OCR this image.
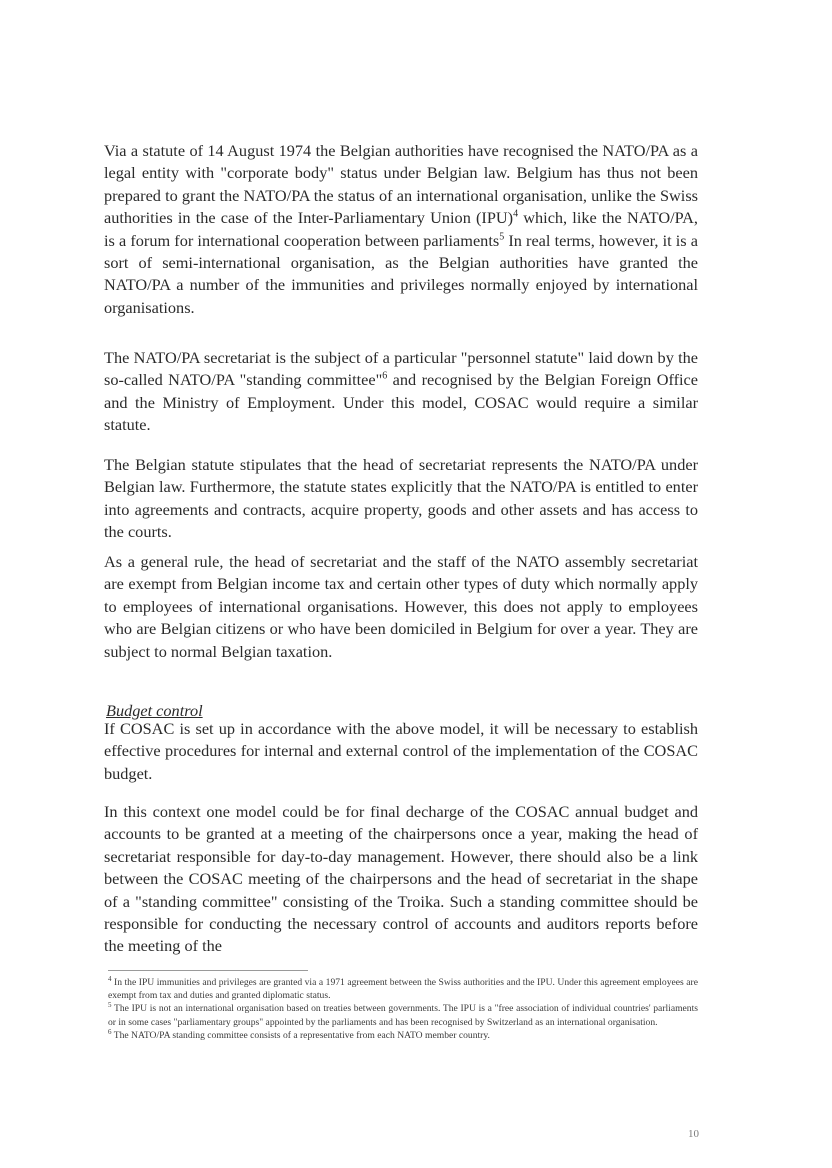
Via a statute of 14 August 1974 the Belgian authorities have recognised the NATO/PA as a legal entity with "corporate body" status under Belgian law. Belgium has thus not been prepared to grant the NATO/PA the status of an international organisation, unlike the Swiss authorities in the case of the Inter-Parliamentary Union (IPU)$^4$ which, like the NATO/PA, is a forum for international cooperation between parliaments$^5$ In real terms, however, it is a sort of semi-international organisation, as the Belgian authorities have granted the NATO/PA a number of the immunities and privileges normally enjoyed by international organisations.

The NATO/PA secretariat is the subject of a particular "personnel statute" laid down by the so-called NATO/PA "standing committee"$^6$ and recognised by the Belgian Foreign Office and the Ministry of Employment. Under this model, COSAC would require a similar statute.

The Belgian statute stipulates that the head of secretariat represents the NATO/PA under Belgian law. Furthermore, the statute states explicitly that the NATO/PA is entitled to enter into agreements and contracts, acquire property, goods and other assets and has access to the courts.

As a general rule, the head of secretariat and the staff of the NATO assembly secretariat are exempt from Belgian income tax and certain other types of duty which normally apply to employees of international organisations. However, this does not apply to employees who are Belgian citizens or who have been domiciled in Belgium for over a year. They are subject to normal Belgian taxation.

Budget control

If COSAC is set up in accordance with the above model, it will be necessary to establish effective procedures for internal and external control of the implementation of the COSAC budget.

In this context one model could be for final decharge of the COSAC annual budget and accounts to be granted at a meeting of the chairpersons once a year, making the head of secretariat responsible for day-to-day management. However, there should also be a link between the COSAC meeting of the chairpersons and the head of secretariat in the shape of a "standing committee" consisting of the Troika. Such a standing committee should be responsible for conducting the necessary control of accounts and auditors reports before the meeting of the

$^4$ In the IPU immunities and privileges are granted via a 1971 agreement between the Swiss authorities and the IPU. Under this agreement employees are exempt from tax and duties and granted diplomatic status.

$^5$ The IPU is not an international organisation based on treaties between governments. The IPU is a "free association of individual countries' parliaments or in some cases "parliamentary groups" appointed by the parliaments and has been recognised by Switzerland as an international organisation.

$^6$ The NATO/PA standing committee consists of a representative from each NATO member country.

10
